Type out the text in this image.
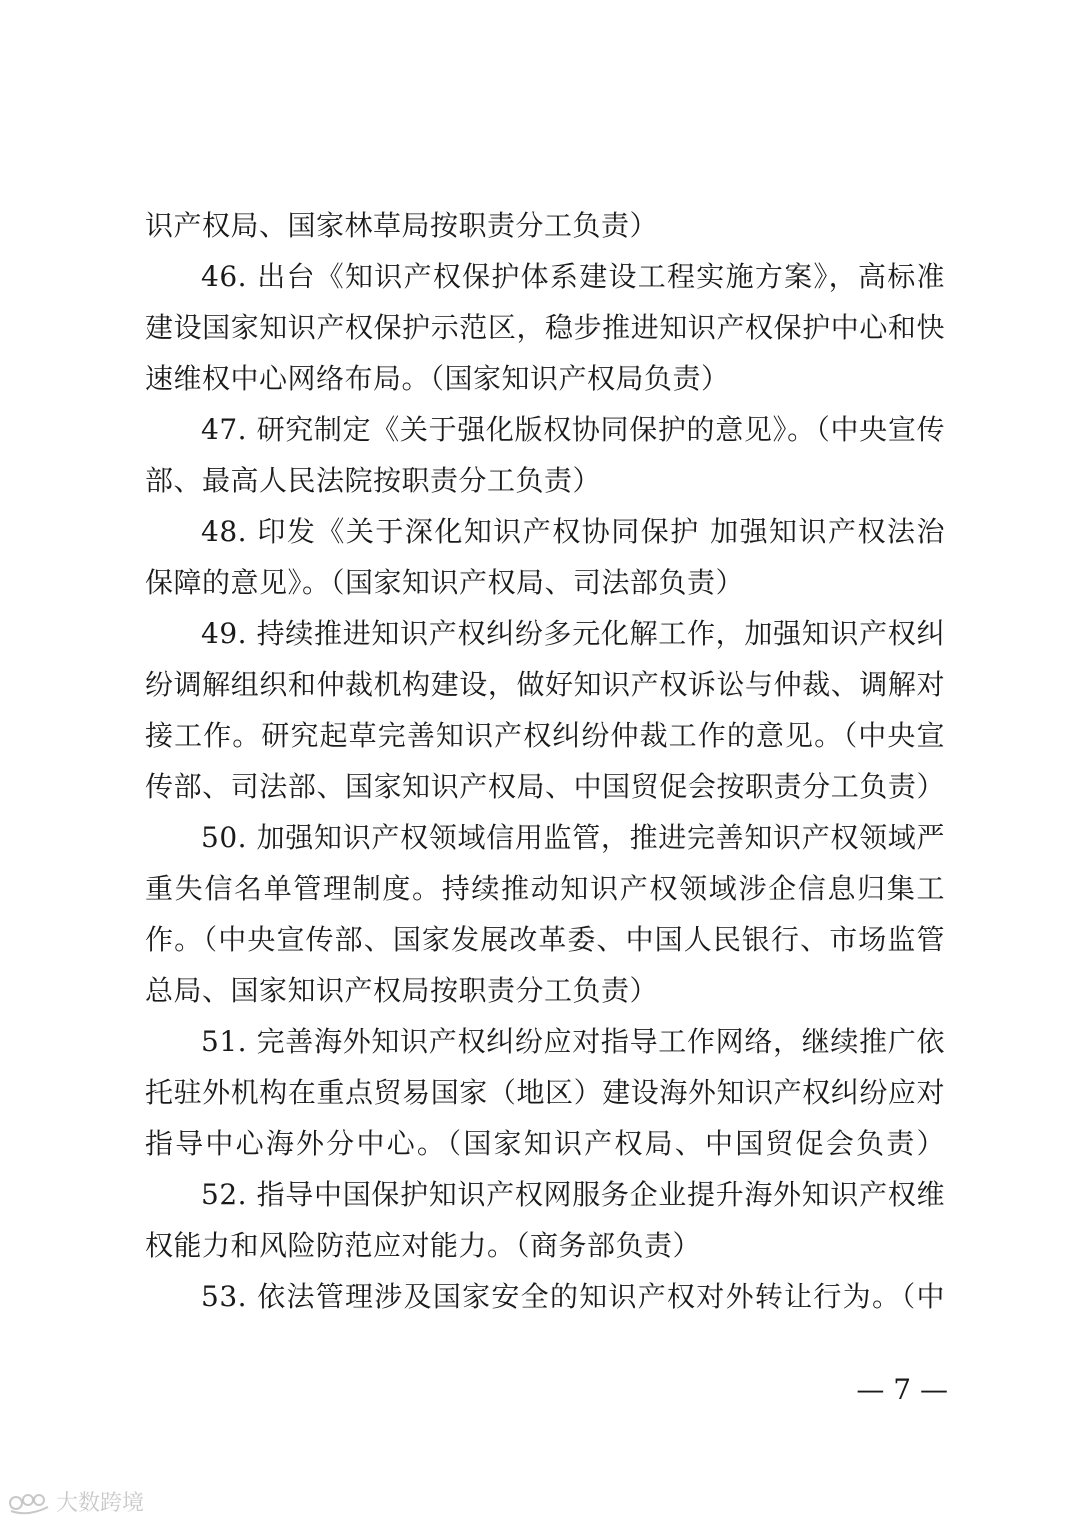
识产权局、国家林草局按职责分工负责）
46. 出台《知识产权保护体系建设工程实施方案》，高标准
建设国家知识产权保护示范区，稳步推进知识产权保护中心和快
速维权中心网络布局。（国家知识产权局负责）
47. 研究制定《关于强化版权协同保护的意见》。（中央宣传
部、最高人民法院按职责分工负责）
48. 印发《关于深化知识产权协同保护 加强知识产权法治
保障的意见》。（国家知识产权局、司法部负责）
49. 持续推进知识产权纠纷多元化解工作，加强知识产权纠
纷调解组织和仲裁机构建设，做好知识产权诉讼与仲裁、调解对
接工作。研究起草完善知识产权纠纷仲裁工作的意见。（中央宣
传部、司法部、国家知识产权局、中国贸促会按职责分工负责）
50. 加强知识产权领域信用监管，推进完善知识产权领域严
重失信名单管理制度。持续推动知识产权领域涉企信息归集工
作。（中央宣传部、国家发展改革委、中国人民银行、市场监管
总局、国家知识产权局按职责分工负责）
51. 完善海外知识产权纠纷应对指导工作网络，继续推广依
托驻外机构在重点贸易国家（地区）建设海外知识产权纠纷应对
指导中心海外分中心。（国家知识产权局、中国贸促会负责）
52. 指导中国保护知识产权网服务企业提升海外知识产权维
权能力和风险防范应对能力。（商务部负责）
53. 依法管理涉及国家安全的知识产权对外转让行为。（中
— 7 —
大数跨境
